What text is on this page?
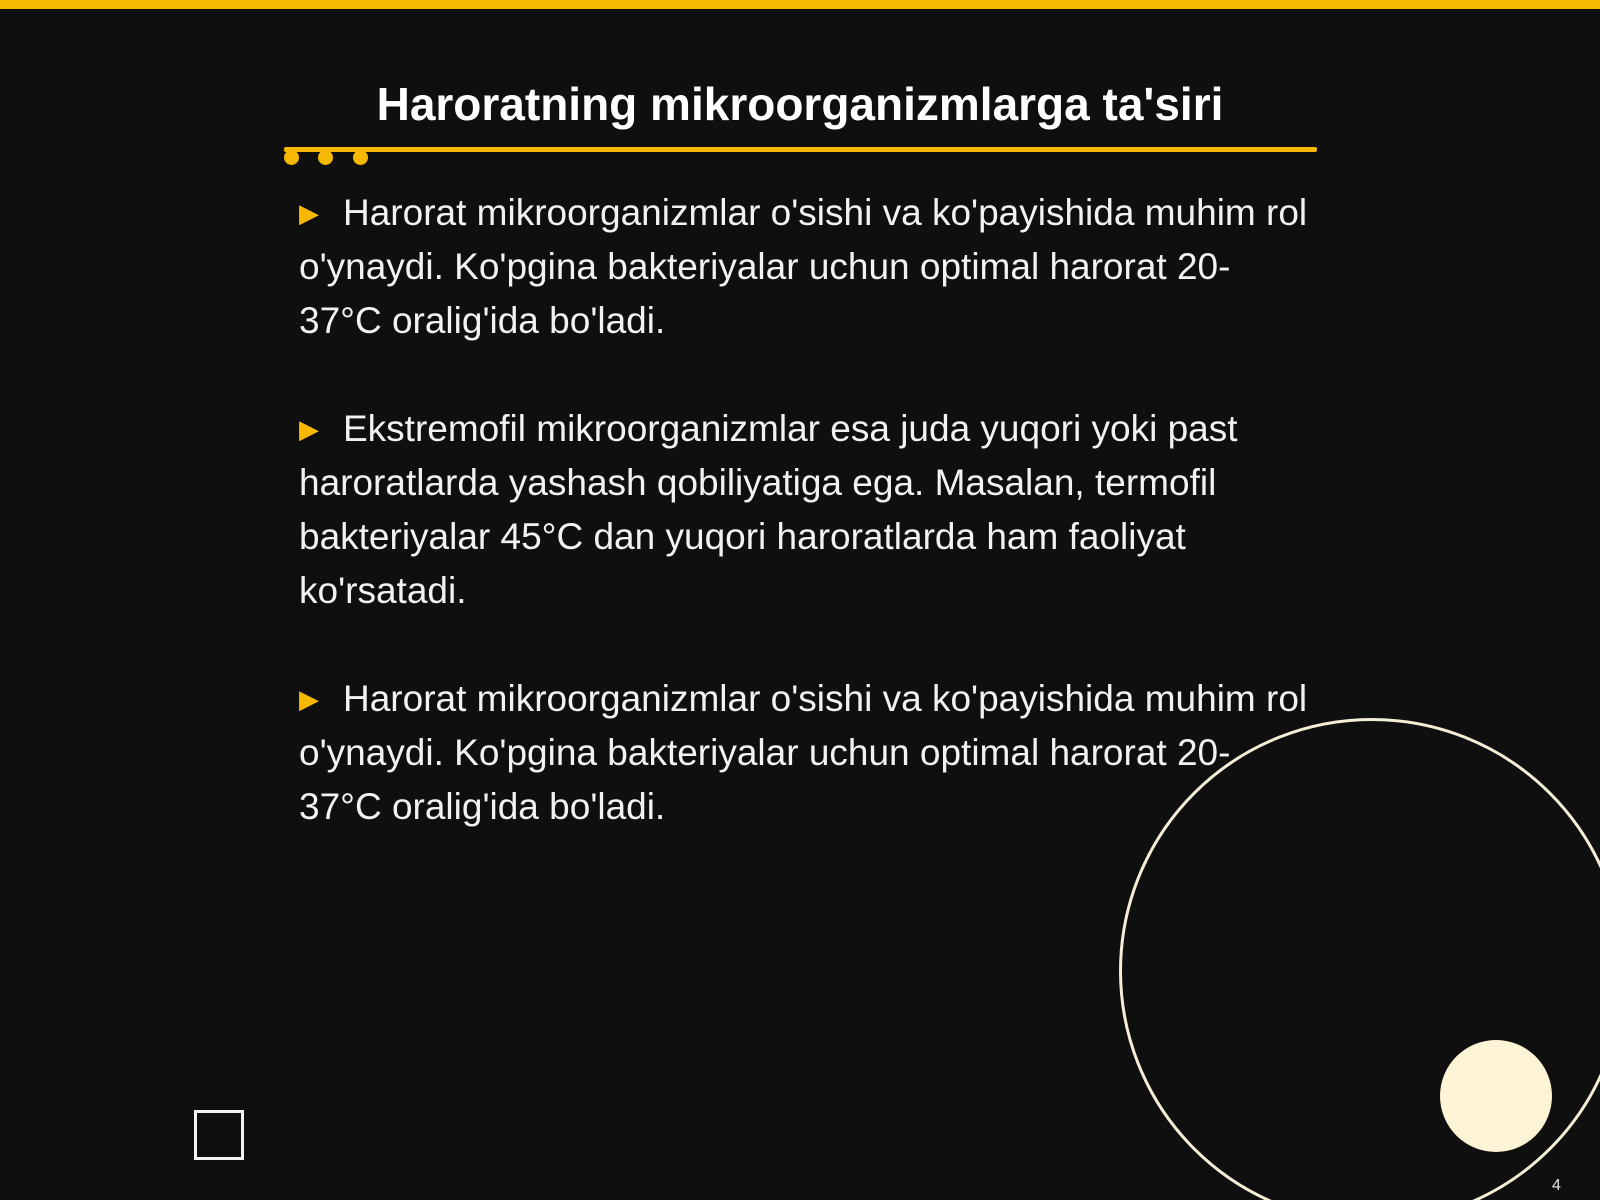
Haroratning mikroorganizmlarga ta'siri
▶ Harorat mikroorganizmlar o'sishi va ko'payishida muhim rol o'ynaydi. Ko'pgina bakteriyalar uchun optimal harorat 20-37°C oralig'ida bo'ladi.
▶ Ekstremofil mikroorganizmlar esa juda yuqori yoki past haroratlarda yashash qobiliyatiga ega. Masalan, termofil bakteriyalar 45°C dan yuqori haroratlarda ham faoliyat ko'rsatadi.
▶ Harorat mikroorganizmlar o'sishi va ko'payishida muhim rol o'ynaydi. Ko'pgina bakteriyalar uchun optimal harorat 20-37°C oralig'ida bo'ladi.
4
